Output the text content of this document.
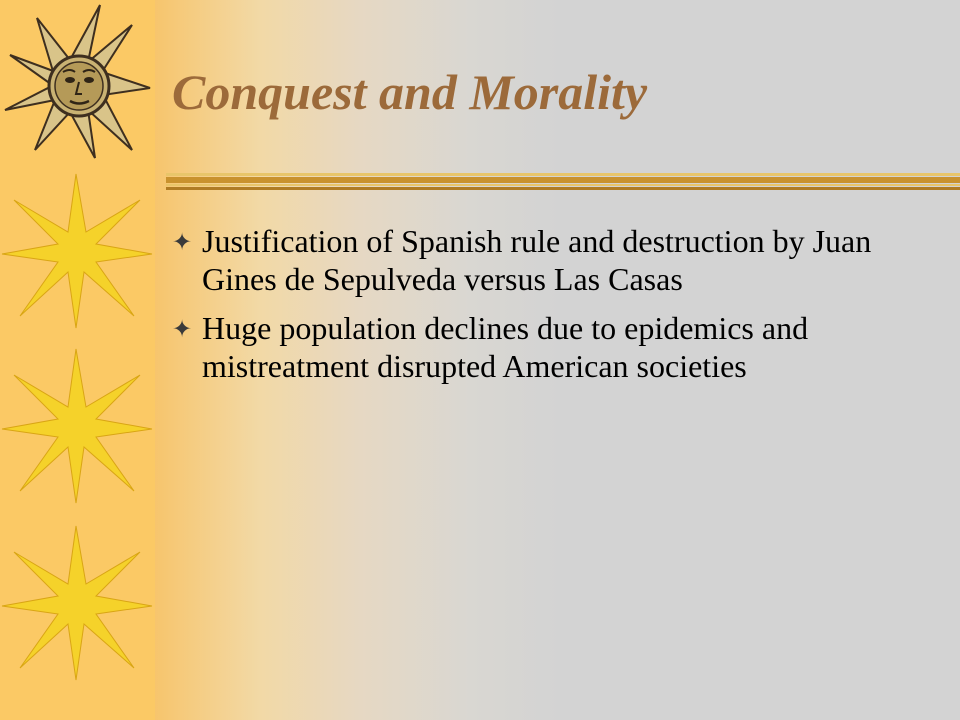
Conquest and Morality
✦ Justification of Spanish rule and destruction by Juan Gines de Sepulveda versus Las Casas
✦ Huge population declines due to epidemics and mistreatment disrupted American societies
